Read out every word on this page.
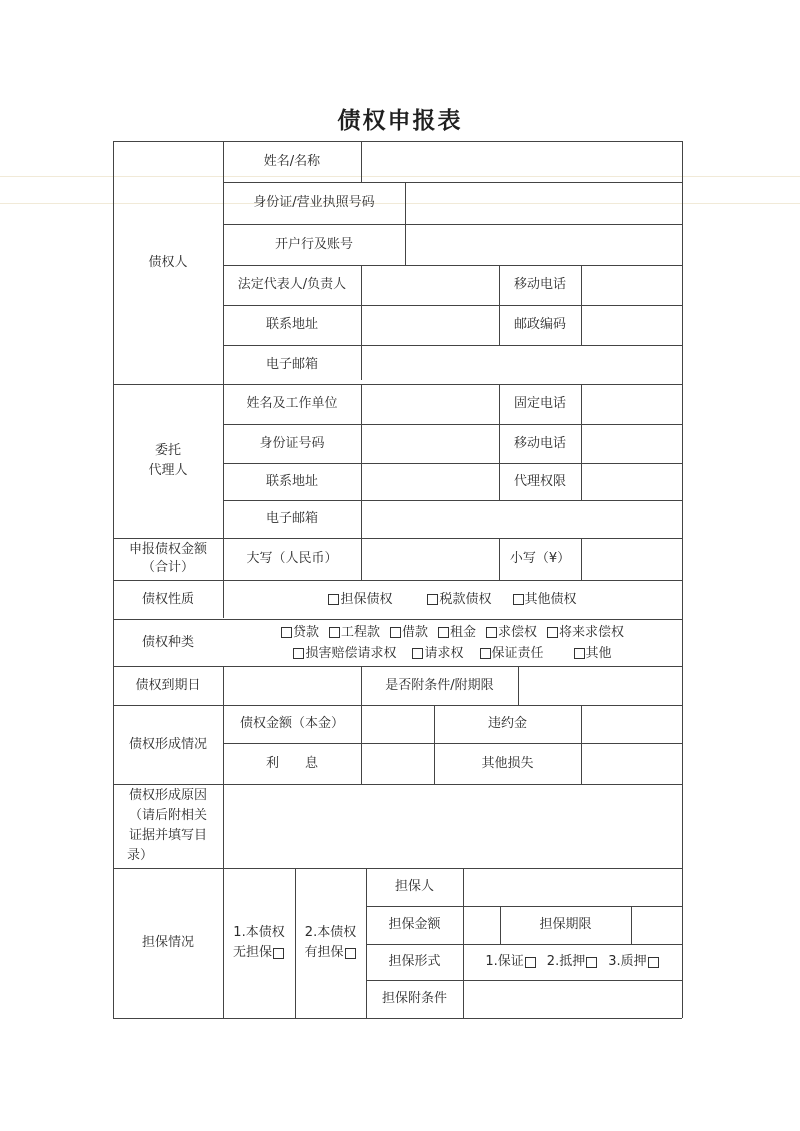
债权申报表
债权人
姓名/名称
身份证/营业执照号码
开户行及账号
法定代表人/负责人	移动电话
联系地址	邮政编码
电子邮箱
委托
代理人
姓名及工作单位	固定电话
身份证号码	移动电话
联系地址	代理权限
电子邮箱
申报债权金额
（合计）
大写（人民币）	小写（¥）
债权性质	担保债权	税款债权	其他债权
债权种类
贷款 工程款 借款 租金 求偿权 将来求偿权
损害赔偿请求权 请求权 保证责任	其他
债权到期日	是否附条件/附期限
债权形成情况
债权金额（本金）	违约金
利　　息	其他损失
债权形成原因
（请后附相关
证据并填写目
录）
担保情况
1.本债权
无担保
2.本债权
有担保
担保人
担保金额	担保期限
担保形式	1.保证 2.抵押 3.质押
担保附条件
